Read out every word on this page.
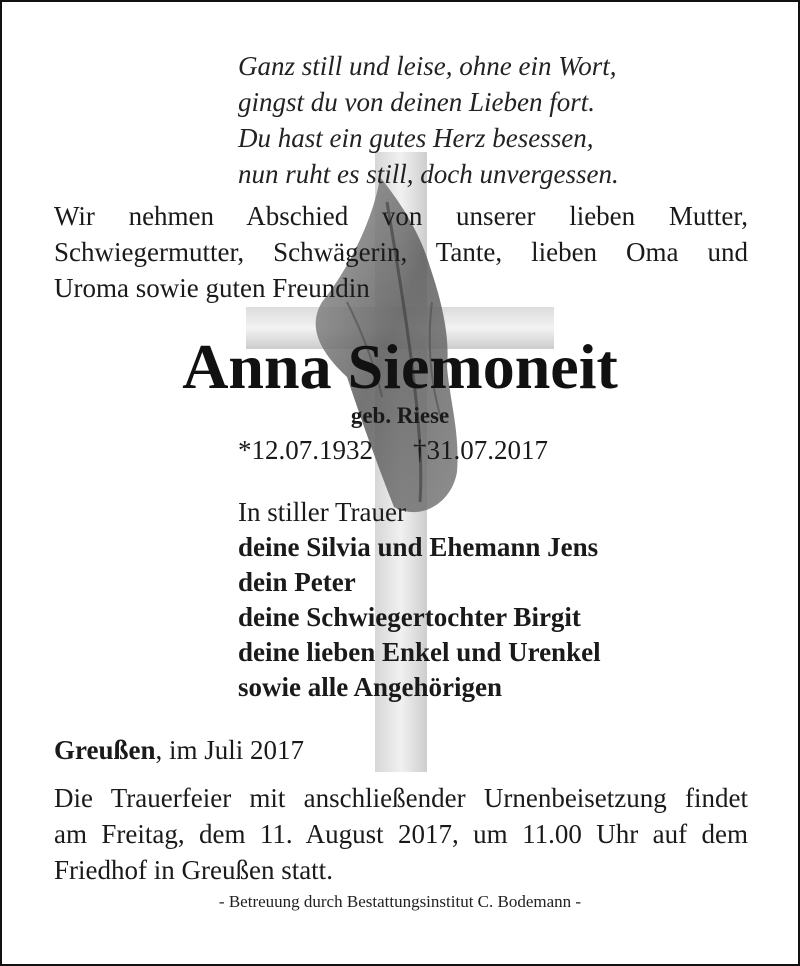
Ganz still und leise, ohne ein Wort,
gingst du von deinen Lieben fort.
Du hast ein gutes Herz besessen,
nun ruht es still, doch unvergessen.
Wir nehmen Abschied von unserer lieben Mutter,
Schwiegermutter, Schwägerin, Tante, lieben Oma und
Uroma sowie guten Freundin
Anna Siemoneit
geb. Riese
*12.07.1932 †31.07.2017
In stiller Trauer
deine Silvia und Ehemann Jens
dein Peter
deine Schwiegertochter Birgit
deine lieben Enkel und Urenkel
sowie alle Angehörigen
Greußen, im Juli 2017
Die Trauerfeier mit anschließender Urnenbeisetzung findet
am Freitag, dem 11. August 2017, um 11.00 Uhr auf dem
Friedhof in Greußen statt.
- Betreuung durch Bestattungsinstitut C. Bodemann -
